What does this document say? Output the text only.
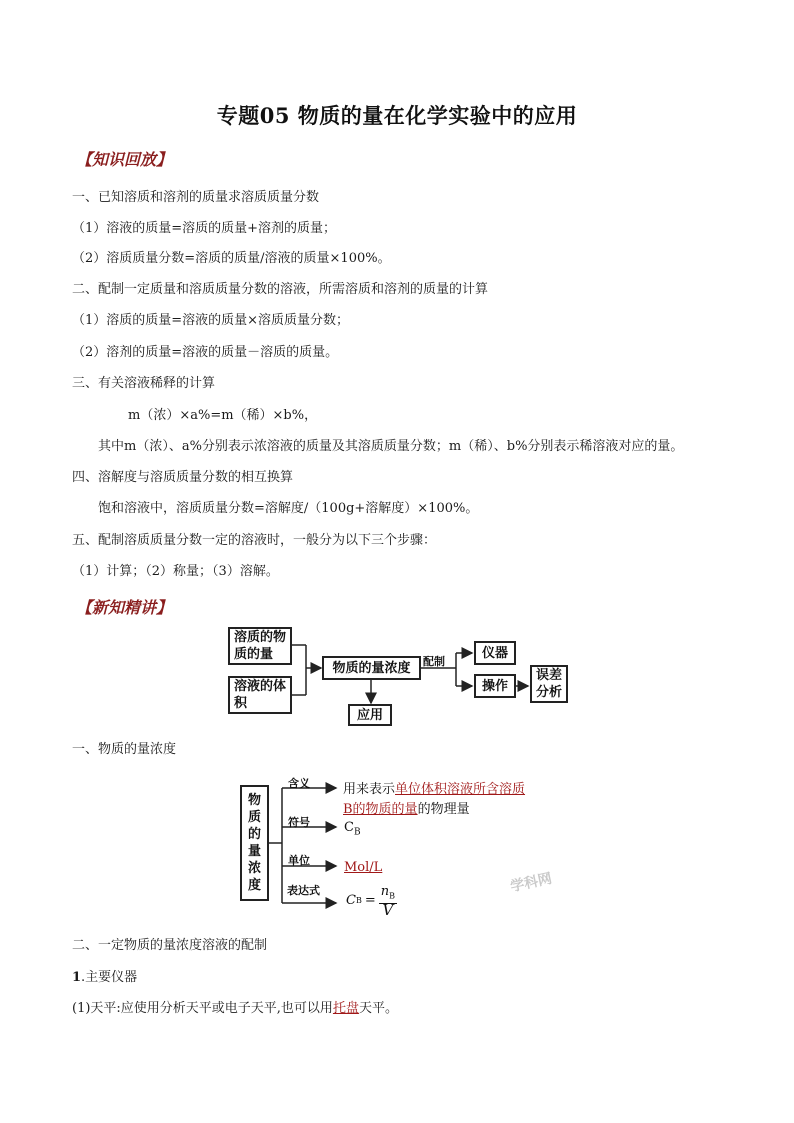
专题05 物质的量在化学实验中的应用
【知识回放】
一、已知溶质和溶剂的质量求溶质质量分数
（1）溶液的质量=溶质的质量+溶剂的质量；
（2）溶质质量分数=溶质的质量/溶液的质量×100%。
二、配制一定质量和溶质质量分数的溶液，所需溶质和溶剂的质量的计算
（1）溶质的质量=溶液的质量×溶质质量分数；
（2）溶剂的质量=溶液的质量－溶质的质量。
三、有关溶液稀释的计算
m（浓）×a%=m（稀）×b%，
其中m（浓）、a%分别表示浓溶液的质量及其溶质质量分数；m（稀）、b%分别表示稀溶液对应的量。
四、溶解度与溶质质量分数的相互换算
饱和溶液中，溶质质量分数=溶解度/（100g+溶解度）×100%。
五、配制溶质质量分数一定的溶液时，一般分为以下三个步骤：
（1）计算；（2）称量；（3）溶解。
【新知精讲】
溶质的物
质的量
溶液的体
积
物质的量浓度
应用
配制
仪器
操作
误差
分析
一、物质的量浓度
物
质
的
量
浓
度
含义
符号
单位
表达式
用来表示单位体积溶液所含溶质
B的物质的量的物理量
$C_B$
Mol/L
C $B = \frac{n_B}{V}$
学科网
二、一定物质的量浓度溶液的配制
1.主要仪器
(1)天平:应使用分析天平或电子天平,也可以用托盘天平。
